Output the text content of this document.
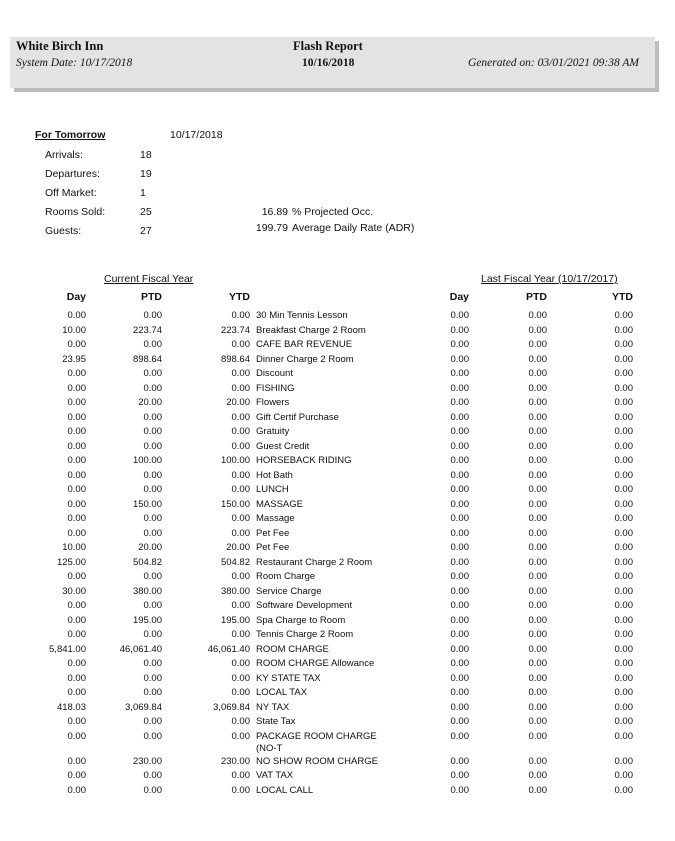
White Birch Inn
System Date: 10/17/2018
Flash Report
10/16/2018	Generated on: 03/01/2021 09:38 AM
For Tomorrow	10/17/2018
Arrivals:	18
Departures:	19
Off Market:	1
Rooms Sold:	25
Guests:	27
16.89 % Projected Occ.
199.79 Average Daily Rate (ADR)
Current Fiscal Year	Last Fiscal Year (10/17/2017)
Day	PTD	YTD	Day	PTD	YTD
0.00	0.00	0.00 30 Min Tennis Lesson	0.00	0.00	0.00
10.00	223.74	223.74 Breakfast Charge 2 Room	0.00	0.00	0.00
0.00	0.00	0.00 CAFE BAR REVENUE	0.00	0.00	0.00
23.95	898.64	898.64 Dinner Charge 2 Room	0.00	0.00	0.00
0.00	0.00	0.00 Discount	0.00	0.00	0.00
0.00	0.00	0.00 FISHING	0.00	0.00	0.00
0.00	20.00	20.00 Flowers	0.00	0.00	0.00
0.00	0.00	0.00 Gift Certif Purchase	0.00	0.00	0.00
0.00	0.00	0.00 Gratuity	0.00	0.00	0.00
0.00	0.00	0.00 Guest Credit	0.00	0.00	0.00
0.00	100.00	100.00 HORSEBACK RIDING	0.00	0.00	0.00
0.00	0.00	0.00 Hot Bath	0.00	0.00	0.00
0.00	0.00	0.00 LUNCH	0.00	0.00	0.00
0.00	150.00	150.00 MASSAGE	0.00	0.00	0.00
0.00	0.00	0.00 Massage	0.00	0.00	0.00
0.00	0.00	0.00 Pet Fee	0.00	0.00	0.00
10.00	20.00	20.00 Pet Fee	0.00	0.00	0.00
125.00	504.82	504.82 Restaurant Charge 2 Room	0.00	0.00	0.00
0.00	0.00	0.00 Room Charge	0.00	0.00	0.00
30.00	380.00	380.00 Service Charge	0.00	0.00	0.00
0.00	0.00	0.00 Software Development	0.00	0.00	0.00
0.00	195.00	195.00 Spa Charge to Room	0.00	0.00	0.00
0.00	0.00	0.00 Tennis Charge 2 Room	0.00	0.00	0.00
5,841.00	46,061.40	46,061.40 ROOM CHARGE	0.00	0.00	0.00
0.00	0.00	0.00 ROOM CHARGE Allowance	0.00	0.00	0.00
0.00	0.00	0.00 KY STATE TAX	0.00	0.00	0.00
0.00	0.00	0.00 LOCAL TAX	0.00	0.00	0.00
418.03	3,069.84	3,069.84 NY TAX	0.00	0.00	0.00
0.00	0.00	0.00 State Tax	0.00	0.00	0.00
0.00	0.00	0.00 PACKAGE ROOM CHARGE	0.00	0.00	0.00
(NO-T
0.00	230.00	230.00 NO SHOW ROOM CHARGE	0.00	0.00	0.00
0.00	0.00	0.00 VAT TAX	0.00	0.00	0.00
0.00	0.00	0.00 LOCAL CALL	0.00	0.00	0.00
